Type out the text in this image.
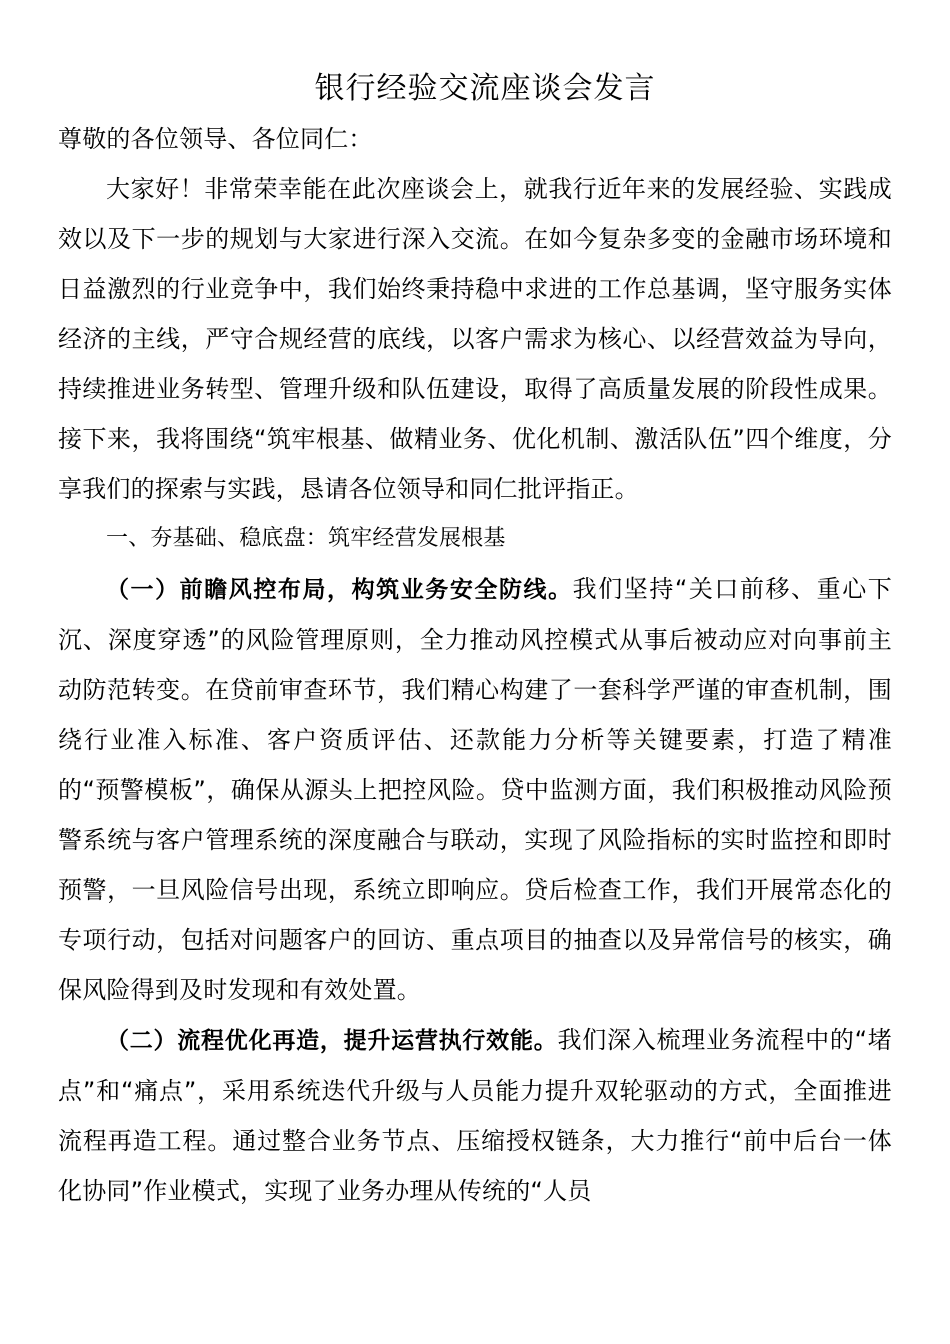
银行经验交流座谈会发言

尊敬的各位领导、各位同仁：

大家好！非常荣幸能在此次座谈会上，就我行近年来的发展经验、实践成效以及下一步的规划与大家进行深入交流。在如今复杂多变的金融市场环境和日益激烈的行业竞争中，我们始终秉持稳中求进的工作总基调，坚守服务实体经济的主线，严守合规经营的底线，以客户需求为核心、以经营效益为导向，持续推进业务转型、管理升级和队伍建设，取得了高质量发展的阶段性成果。接下来，我将围绕“筑牢根基、做精业务、优化机制、激活队伍”四个维度，分享我们的探索与实践，恳请各位领导和同仁批评指正。

一、夯基础、稳底盘：筑牢经营发展根基

（一）前瞻风控布局，构筑业务安全防线。我们坚持“关口前移、重心下沉、深度穿透”的风险管理原则，全力推动风控模式从事后被动应对向事前主动防范转变。在贷前审查环节，我们精心构建了一套科学严谨的审查机制，围绕行业准入标准、客户资质评估、还款能力分析等关键要素，打造了精准的“预警模板”，确保从源头上把控风险。贷中监测方面，我们积极推动风险预警系统与客户管理系统的深度融合与联动，实现了风险指标的实时监控和即时预警，一旦风险信号出现，系统立即响应。贷后检查工作，我们开展常态化的专项行动，包括对问题客户的回访、重点项目的抽查以及异常信号的核实，确保风险得到及时发现和有效处置。

（二）流程优化再造，提升运营执行效能。我们深入梳理业务流程中的“堵点”和“痛点”，采用系统迭代升级与人员能力提升双轮驱动的方式，全面推进流程再造工程。通过整合业务节点、压缩授权链条，大力推行“前中后台一体化协同”作业模式，实现了业务办理从传统的“人员
